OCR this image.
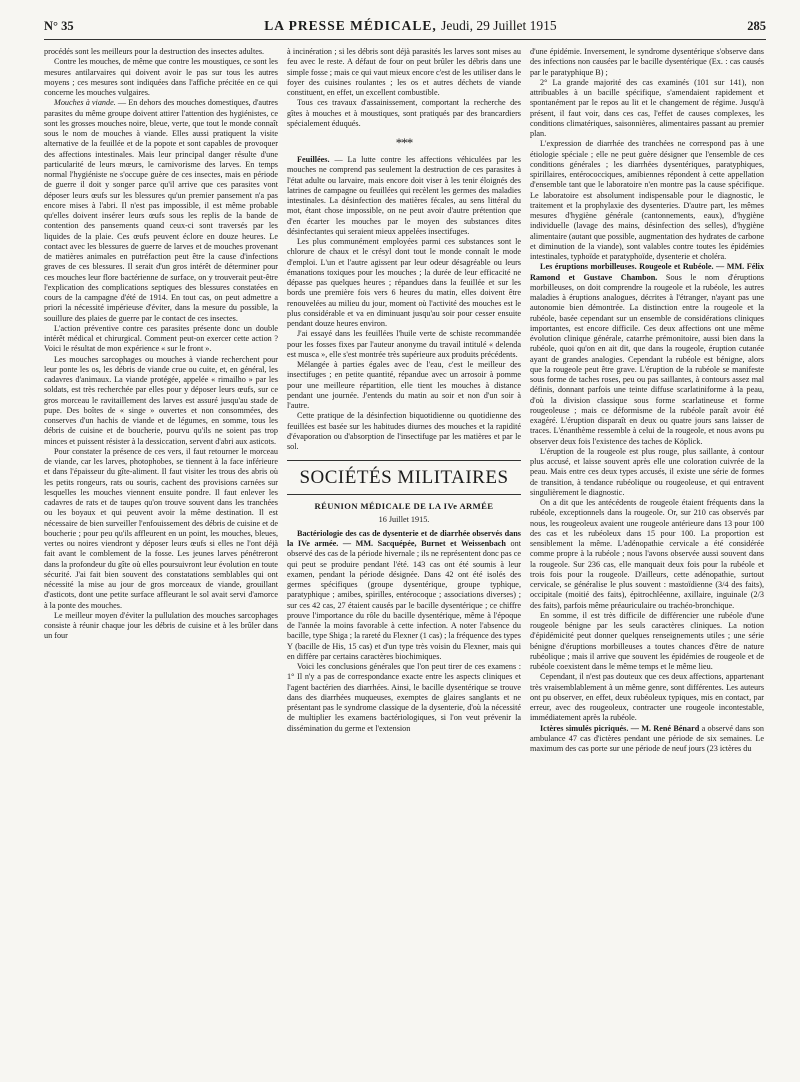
N° 35	LA PRESSE MÉDICALE, Jeudi, 29 Juillet 1915	285

procédés sont les meilleurs pour la destruction des insectes adultes.

Contre les mouches, de même que contre les moustiques, ce sont les mesures antilarvaires qui doivent avoir le pas sur tous les autres moyens ; ces mesures sont indiquées dans l'affiche précitée en ce qui concerne les mouches vulgaires.

Mouches à viande. — En dehors des mouches domestiques, d'autres parasites du même groupe doivent attirer l'attention des hygiénistes, ce sont les grosses mouches noire, bleue, verte, que tout le monde connaît sous le nom de mouches à viande. Elles aussi pratiquent la visite alternative de la feuillée et de la popote et sont capables de provoquer des affections intestinales. Mais leur principal danger résulte d'une particularité de leurs mœurs, le carnivorisme des larves. En temps normal l'hygiéniste ne s'occupe guère de ces insectes, mais en période de guerre il doit y songer parce qu'il arrive que ces parasites vont déposer leurs œufs sur les blessures qu'un premier pansement n'a pas encore mises à l'abri. Il n'est pas impossible, il est même probable qu'elles doivent insérer leurs œufs sous les replis de la bande de contention des pansements quand ceux-ci sont traversés par les liquides de la plaie. Ces œufs peuvent éclore en douze heures. Le contact avec les blessures de guerre de larves et de mouches provenant de matières animales en putréfaction peut être la cause d'infections graves de ces blessures. Il serait d'un gros intérêt de déterminer pour ces mouches leur flore bactérienne de surface, on y trouverait peut-être l'explication des complications septiques des blessures constatées en cours de la campagne d'été de 1914. En tout cas, on peut admettre a priori la nécessité impérieuse d'éviter, dans la mesure du possible, la souillure des plaies de guerre par le contact de ces insectes.

L'action préventive contre ces parasites présente donc un double intérêt médical et chirurgical. Comment peut-on exercer cette action ? Voici le résultat de mon expérience « sur le front ».

Les mouches sarcophages ou mouches à viande recherchent pour leur ponte les os, les débris de viande crue ou cuite, et, en général, les cadavres d'animaux. La viande protégée, appelée « rimailho » par les soldats, est très recherchée par elles pour y déposer leurs œufs, sur ce gros morceau le ravitaillement des larves est assuré jusqu'au stade de pupe. Des boîtes de « singe » ouvertes et non consommées, des conserves d'un hachis de viande et de légumes, en somme, tous les débris de cuisine et de boucherie, pourvu qu'ils ne soient pas trop minces et puissent résister à la dessiccation, servent d'abri aux asticots.

Pour constater la présence de ces vers, il faut retourner le morceau de viande, car les larves, photophobes, se tiennent à la face inférieure et dans l'épaisseur du gîte-aliment. Il faut visiter les trous des abris où les petits rongeurs, rats ou souris, cachent des provisions carnées sur lesquelles les mouches viennent ensuite pondre. Il faut enlever les cadavres de rats et de taupes qu'on trouve souvent dans les tranchées ou les boyaux et qui peuvent avoir la même destination. Il est nécessaire de bien surveiller l'enfouissement des débris de cuisine et de boucherie ; pour peu qu'ils affleurent en un point, les mouches, bleues, vertes ou noires viendront y déposer leurs œufs si elles ne l'ont déjà fait avant le comblement de la fosse. Les jeunes larves pénétreront dans la profondeur du gîte où elles poursuivront leur évolution en toute sécurité. J'ai fait bien souvent des constatations semblables qui ont nécessité la mise au jour de gros morceaux de viande, grouillant d'asticots, dont une petite surface affleurant le sol avait servi d'amorce à la ponte des mouches.

Le meilleur moyen d'éviter la pullulation des mouches sarcophages consiste à réunir chaque jour les débris de cuisine et à les brûler dans un four

à incinération ; si les débris sont déjà parasités les larves sont mises au feu avec le reste. A défaut de four on peut brûler les débris dans une simple fosse ; mais ce qui vaut mieux encore c'est de les utiliser dans le foyer des cuisines roulantes ; les os et autres déchets de viande constituent, en effet, un excellent combustible.

Tous ces travaux d'assainissement, comportant la recherche des gîtes à mouches et à moustiques, sont pratiqués par des brancardiers spécialement éduqués.

***

Feuillées. — La lutte contre les affections véhiculées par les mouches ne comprend pas seulement la destruction de ces parasites à l'état adulte ou larvaire, mais encore doit viser à les tenir éloignés des latrines de campagne ou feuillées qui recèlent les germes des maladies intestinales. La désinfection des matières fécales, au sens littéral du mot, étant chose impossible, on ne peut avoir d'autre prétention que d'en écarter les mouches par le moyen des substances dites désinfectantes qui seraient mieux appelées insectifuges.

Les plus communément employées parmi ces substances sont le chlorure de chaux et le crésyl dont tout le monde connaît le mode d'emploi. L'un et l'autre agissent par leur odeur désagréable ou leurs émanations toxiques pour les mouches ; la durée de leur efficacité ne dépasse pas quelques heures ; répandues dans la feuillée et sur les bords une première fois vers 6 heures du matin, elles doivent être renouvelées au milieu du jour, moment où l'activité des mouches est le plus considérable et va en diminuant jusqu'au soir pour cesser ensuite pendant douze heures environ.

J'ai essayé dans les feuillées l'huile verte de schiste recommandée pour les fosses fixes par l'auteur anonyme du travail intitulé « delenda est musca », elle s'est montrée très supérieure aux produits précédents.

Mélangée à parties égales avec de l'eau, c'est le meilleur des insectifuges ; en petite quantité, répandue avec un arrosoir à pomme pour une meilleure répartition, elle tient les mouches à distance pendant une journée. J'entends du matin au soir et non d'un soir à l'autre.

Cette pratique de la désinfection biquotidienne ou quotidienne des feuillées est basée sur les habitudes diurnes des mouches et la rapidité d'évaporation ou d'absorption de l'insectifuge par les matières et par le sol.

SOCIÉTÉS MILITAIRES
RÉUNION MÉDICALE DE LA IVe ARMÉE
16 Juillet 1915.

Bactériologie des cas de dysenterie et de diarrhée observés dans la IVe armée. — MM. Sacquépée, Burnet et Weissenbach ont observé des cas de la période hivernale ; ils ne représentent donc pas ce qui peut se produire pendant l'été. 143 cas ont été soumis à leur examen, pendant la période désignée. Dans 42 ont été isolés des germes spécifiques (groupe dysentérique, groupe typhique, paratyphique ; amibes, spirilles, entérocoque ; associations diverses) ; sur ces 42 cas, 27 étaient causés par le bacille dysentérique ; ce chiffre prouve l'importance du rôle du bacille dysentérique, même à l'époque de l'année la moins favorable à cette infection. A noter l'absence du bacille, type Shiga ; la rareté du Flexner (1 cas) ; la fréquence des types Y (bacille de His, 15 cas) et d'un type très voisin du Flexner, mais qui en diffère par certains caractères biochimiques.

Voici les conclusions générales que l'on peut tirer de ces examens : 1° Il n'y a pas de correspondance exacte entre les aspects cliniques et l'agent bactérien des diarrhées. Ainsi, le bacille dysentérique se trouve dans des diarrhées muqueuses, exemptes de glaires sanglants et ne présentant pas le syndrome classique de la dysenterie, d'où la nécessité de multiplier les examens bactériologiques, si l'on veut prévenir la dissémination du germe et l'extension

d'une épidémie. Inversement, le syndrome dysentérique s'observe dans des infections non causées par le bacille dysentérique (Ex. : cas causés par le paratyphique B) ;

2° La grande majorité des cas examinés (101 sur 141), non attribuables à un bacille spécifique, s'amendaient rapidement et spontanément par le repos au lit et le changement de régime. Jusqu'à présent, il faut voir, dans ces cas, l'effet de causes complexes, les conditions climatériques, saisonnières, alimentaires passant au premier plan.

L'expression de diarrhée des tranchées ne correspond pas à une étiologie spéciale ; elle ne peut guère désigner que l'ensemble de ces conditions générales ; les diarrhées dysentériques, paratyphiques, spirillaires, entérococciques, amibiennes répondent à cette appellation d'ensemble tant que le laboratoire n'en montre pas la cause spécifique. Le laboratoire est absolument indispensable pour le diagnostic, le traitement et la prophylaxie des dysenteries. D'autre part, les mêmes mesures d'hygiène générale (cantonnements, eaux), d'hygiène individuelle (lavage des mains, désinfection des selles), d'hygiène alimentaire (autant que possible, augmentation des hydrates de carbone et diminution de la viande), sont valables contre toutes les épidémies intestinales, typhoïde et paratyphoïde, dysenterie et choléra.

Les éruptions morbilleuses. Rougeole et Rubéole. — MM. Félix Ramond et Gustave Chambon. Sous le nom d'éruptions morbilleuses, on doit comprendre la rougeole et la rubéole, les autres maladies à éruptions analogues, décrites à l'étranger, n'ayant pas une autonomie bien démontrée. La distinction entre la rougeole et la rubéole, basée cependant sur un ensemble de considérations cliniques importantes, est encore difficile. Ces deux affections ont une même évolution clinique générale, catarrhe prémonitoire, aussi bien dans la rubéole, quoi qu'on en ait dit, que dans la rougeole, éruption cutanée ayant de grandes analogies. Cependant la rubéole est bénigne, alors que la rougeole peut être grave. L'éruption de la rubéole se manifeste sous forme de taches roses, peu ou pas saillantes, à contours assez mal définis, donnant parfois une teinte diffuse scarlatiniforme à la peau, d'où la division classique sous forme scarlatineuse et forme rougeoleuse ; mais ce déformisme de la rubéole paraît avoir été exagéré. L'éruption disparaît en deux ou quatre jours sans laisser de traces. L'énanthème ressemble à celui de la rougeole, et nous avons pu observer deux fois l'existence des taches de Köplick.

L'éruption de la rougeole est plus rouge, plus saillante, à contour plus accusé, et laisse souvent après elle une coloration cuivrée de la peau. Mais entre ces deux types accusés, il existe une série de formes de transition, à tendance rubéolique ou rougeoleuse, et qui entravent singulièrement le diagnostic.

On a dit que les antécédents de rougeole étaient fréquents dans la rubéole, exceptionnels dans la rougeole. Or, sur 210 cas observés par nous, les rougeoleux avaient une rougeole antérieure dans 13 pour 100 des cas et les rubéoleux dans 15 pour 100. La proportion est sensiblement la même. L'adénopathie cervicale a été considérée comme propre à la rubéole ; nous l'avons observée aussi souvent dans la rougeole. Sur 236 cas, elle manquait deux fois pour la rubéole et trois fois pour la rougeole. D'ailleurs, cette adénopathie, surtout cervicale, se généralise le plus souvent : mastoïdienne (3/4 des faits), occipitale (moitié des faits), épitrochléenne, axillaire, inguinale (2/3 des faits), parfois même préauriculaire ou trachéo-bronchique.

En somme, il est très difficile de différencier une rubéole d'une rougeole bénigne par les seuls caractères cliniques. La notion d'épidémicité peut donner quelques renseignements utiles ; une série bénigne d'éruptions morbilleuses a toutes chances d'être de nature rubéolique ; mais il arrive que souvent les épidémies de rougeole et de rubéole coexistent dans le même temps et le même lieu.

Cependant, il n'est pas douteux que ces deux affections, appartenant très vraisemblablement à un même genre, sont différentes. Les auteurs ont pu observer, en effet, deux rubéoleux typiques, mis en contact, par erreur, avec des rougeoleux, contracter une rougeole incontestable, immédiatement après la rubéole.

Ictères simulés picriqués. — M. René Bénard a observé dans son ambulance 47 cas d'ictères pendant une période de six semaines. Le maximum des cas porte sur une période de neuf jours (23 ictères du
